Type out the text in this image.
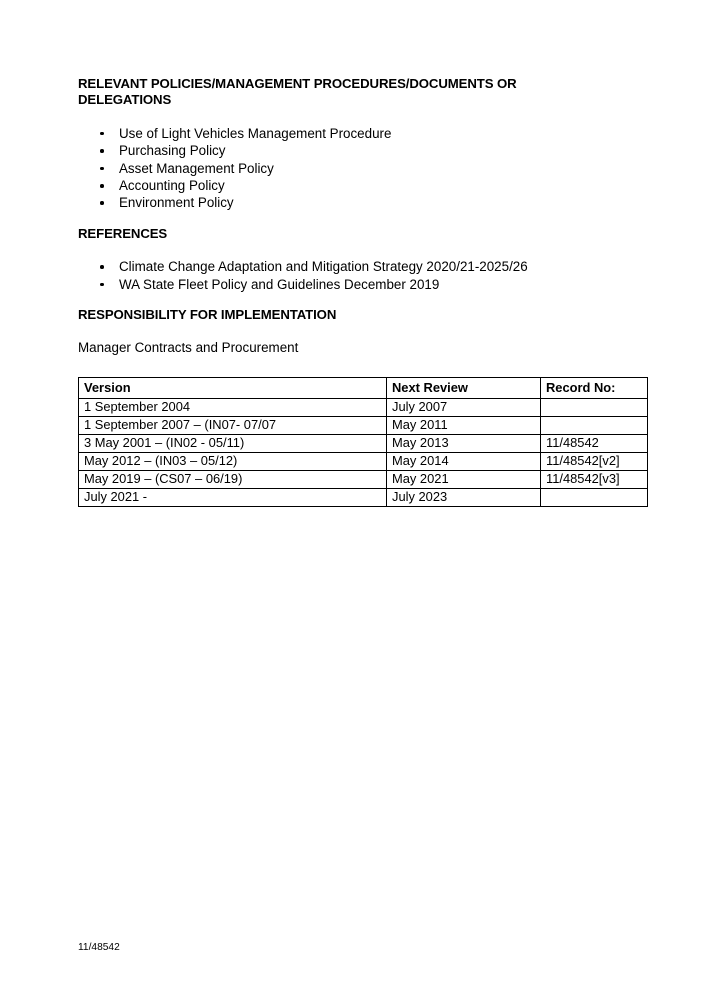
RELEVANT POLICIES/MANAGEMENT PROCEDURES/DOCUMENTS OR DELEGATIONS
Use of Light Vehicles Management Procedure
Purchasing Policy
Asset Management Policy
Accounting Policy
Environment Policy
REFERENCES
Climate Change Adaptation and Mitigation Strategy 2020/21-2025/26
WA State Fleet Policy and Guidelines December 2019
RESPONSIBILITY FOR IMPLEMENTATION

Manager Contracts and Procurement

Version	Next Review	Record No:
1 September 2004	July 2007	
1 September 2007 – (IN07- 07/07	May 2011	
3 May 2001 – (IN02 - 05/11)	May 2013	11/48542
May 2012 – (IN03 – 05/12)	May 2014	11/48542[v2]
May 2019 – (CS07 – 06/19)	May 2021	11/48542[v3]
July 2021 -	July 2023	
11/48542
